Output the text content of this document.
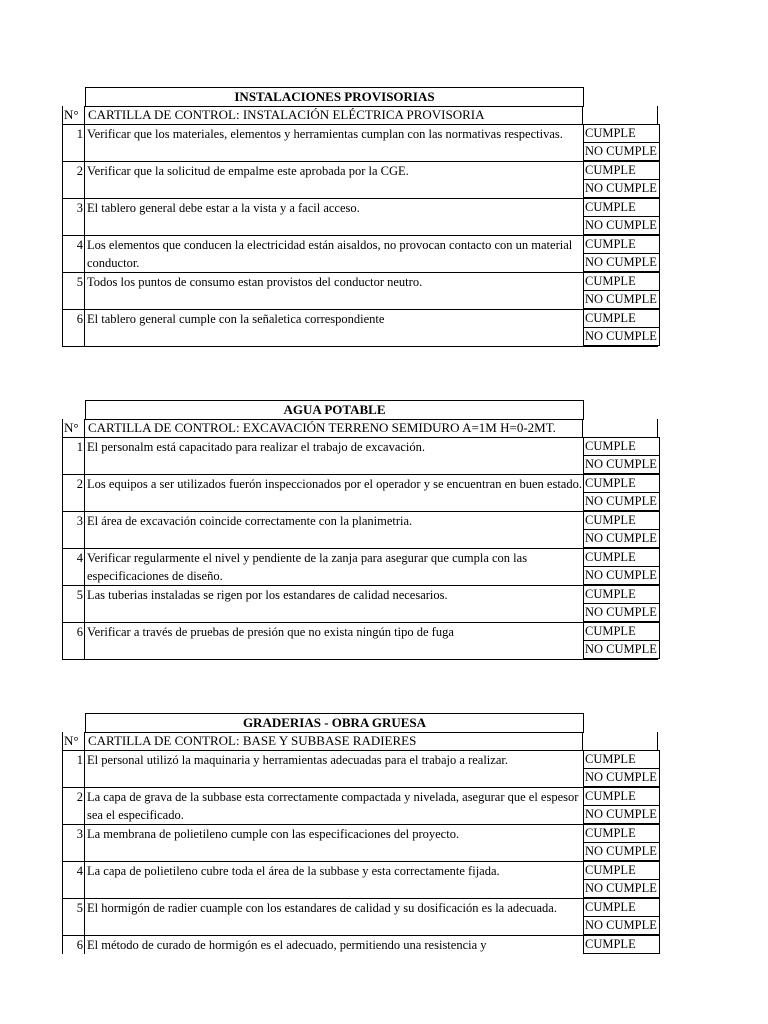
INSTALACIONES PROVISORIAS
N° CARTILLA DE CONTROL: INSTALACIÓN ELÉCTRICA PROVISORIA
1 Verificar que los materiales, elementos y herramientas cumplan con las normativas respectivas.	CUMPLE
NO CUMPLE
2 Verificar que la solicitud de empalme este aprobada por la CGE.	CUMPLE
NO CUMPLE
3 El tablero general debe estar a la vista y a facil acceso.	CUMPLE
NO CUMPLE
4 Los elementos que conducen la electricidad están aisaldos, no provocan contacto con un material conductor.
CUMPLE
NO CUMPLE
5 Todos los puntos de consumo estan provistos del conductor neutro.	CUMPLE
NO CUMPLE
6 El tablero general cumple con la señaletica correspondiente	CUMPLE
NO CUMPLE
AGUA POTABLE
N° CARTILLA DE CONTROL: EXCAVACIÓN TERRENO SEMIDURO A=1M H=0-2MT.
1 El personalm está capacitado para realizar el trabajo de excavación.	CUMPLE
NO CUMPLE
2 Los equipos a ser utilizados fuerón inspeccionados por el operador y se encuentran en buen estado. CUMPLE
NO CUMPLE
3 El área de excavación coincide correctamente con la planimetria.	CUMPLE
NO CUMPLE
4 Verificar regularmente el nivel y pendiente de la zanja para asegurar que cumpla con las especificaciones de diseño.
CUMPLE
NO CUMPLE
5 Las tuberias instaladas se rigen por los estandares de calidad necesarios.	CUMPLE
NO CUMPLE
6 Verificar a través de pruebas de presión que no exista ningún tipo de fuga	CUMPLE
NO CUMPLE
GRADERIAS - OBRA GRUESA
N° CARTILLA DE CONTROL: BASE Y SUBBASE RADIERES
1 El personal utilizó la maquinaria y herramientas adecuadas para el trabajo a realizar.	CUMPLE
NO CUMPLE
2 La capa de grava de la subbase esta correctamente compactada y nivelada, asegurar que el espesor sea el especificado.
CUMPLE
NO CUMPLE
3 La membrana de polietileno cumple con las especificaciones del proyecto.	CUMPLE
NO CUMPLE
4 La capa de polietileno cubre toda el área de la subbase y esta correctamente fijada.	CUMPLE
NO CUMPLE
5 El hormigón de radier cuample con los estandares de calidad y su dosificación es la adecuada.	CUMPLE
NO CUMPLE
6 El método de curado de hormigón es el adecuado, permitiendo una resistencia y	CUMPLE
